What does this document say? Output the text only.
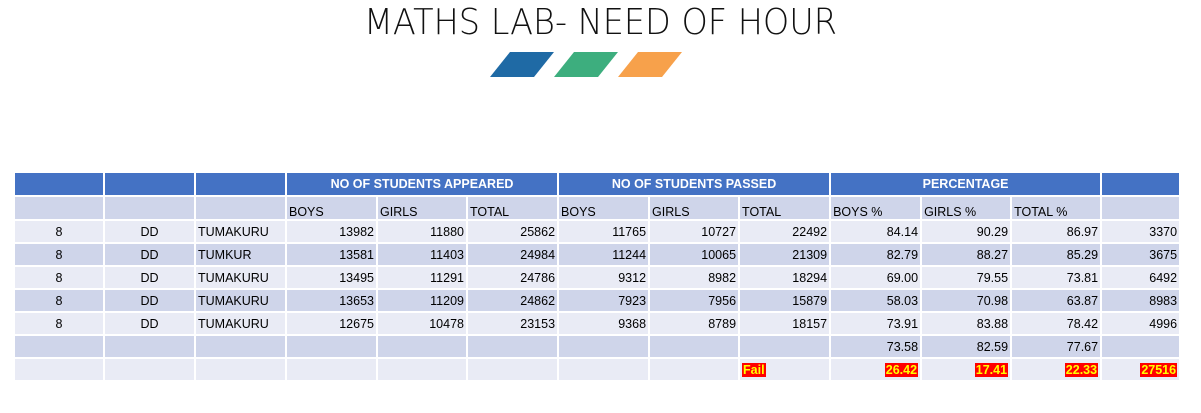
MATHS LAB- NEED OF HOUR
			NO OF STUDENTS APPEARED			NO OF STUDENTS PASSED			PERCENTAGE			
			BOYS	GIRLS	TOTAL	BOYS	GIRLS	TOTAL	BOYS %	GIRLS %	TOTAL %	
8	DD	TUMAKURU	13982	11880	25862	11765	10727	22492	84.14	90.29	86.97	3370
8	DD	TUMKUR	13581	11403	24984	11244	10065	21309	82.79	88.27	85.29	3675
8	DD	TUMAKURU	13495	11291	24786	9312	8982	18294	69.00	79.55	73.81	6492
8	DD	TUMAKURU	13653	11209	24862	7923	7956	15879	58.03	70.98	63.87	8983
8	DD	TUMAKURU	12675	10478	23153	9368	8789	18157	73.91	83.88	78.42	4996
									73.58	82.59	77.67	
								Fail	26.42	17.41	22.33	27516
